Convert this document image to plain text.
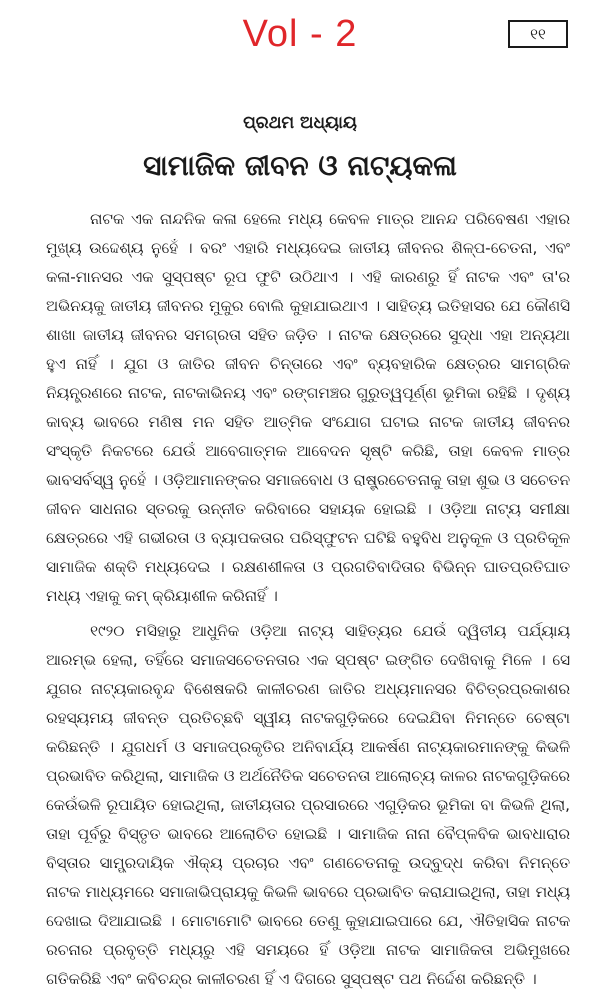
Vol - 2	୧୧
ପ୍ରଥମ ଅଧ୍ୟାୟ
ସାମାଜିକ ଜୀବନ ଓ ନାଟ୍ୟକଳା

ନାଟକ ଏକ ନାନ୍ଦନିକ କଳା ହେଲେ ମଧ୍ୟ କେବଳ ମାତ୍ର ଆନନ୍ଦ ପରିବେଷଣ ଏହାର ମୁଖ୍ୟ ଉଦ୍ଦେଶ୍ୟ ନୁହେଁ । ବରଂ ଏହାରି ମଧ୍ୟଦେଇ ଜାତୀୟ ଜୀବନର ଶିଳ୍ପ-ଚେତନା, ଏବଂ କଳା-ମାନସର ଏକ ସୁସ୍ପଷ୍ଟ ରୂପ ଫୁଟି ଉଠିଥାଏ । ଏହି କାରଣରୁ ହିଁ ନାଟକ ଏବଂ ତା'ର ଅଭିନୟକୁ ଜାତୀୟ ଜୀବନର ମୁକୁର ବୋଲି କୁହାଯାଇଥାଏ । ସାହିତ୍ୟ ଇତିହାସର ଯେ କୌଣସି ଶାଖା ଜାତୀୟ ଜୀବନର ସମଗ୍ରତା ସହିତ ଜଡ଼ିତ । ନାଟକ କ୍ଷେତ୍ରରେ ସୁଦ୍ଧା ଏହା ଅନ୍ୟଥା ହୁଏ ନାହିଁ । ଯୁଗ ଓ ଜାତିର ଜୀବନ ଚିନ୍ତାରେ ଏବଂ ବ୍ୟବହାରିକ କ୍ଷେତ୍ରର ସାମଗ୍ରିକ ନିୟନ୍ତ୍ରଣରେ ନାଟକ, ନାଟକାଭିନୟ ଏବଂ ରଙ୍ଗମଞ୍ଚର ଗୁରୁତ୍ୱପୂର୍ଣ୍ଣ ଭୂମିକା ରହିଛି । ଦୃଶ୍ୟ କାବ୍ୟ ଭାବରେ ମଣିଷ ମନ ସହିତ ଆତ୍ମିକ ସଂଯୋଗ ଘଟାଇ ନାଟକ ଜାତୀୟ ଜୀବନର ସଂସ୍କୃତି ନିକଟରେ ଯେଉଁ ଆବେଗାତ୍ମକ ଆବେଦନ ସୃଷ୍ଟି କରିଛି, ତାହା କେବଳ ମାତ୍ର ଭାବସର୍ବସ୍ୱ ନୁହେଁ । ଓଡ଼ିଆମାନଙ୍କର ସମାଜବୋଧ ଓ ରାଷ୍ଟ୍ରଚେତନାକୁ ତାହା ଶୁଭ ଓ ସଚେତନ ଜୀବନ ସାଧନାର ସ୍ତରକୁ ଉନ୍ନୀତ କରିବାରେ ସହାୟକ ହୋଇଛି । ଓଡ଼ିଆ ନାଟ୍ୟ ସମୀକ୍ଷା କ୍ଷେତ୍ରରେ ଏହି ଗଭୀରତା ଓ ବ୍ୟାପକତାର ପରିସ୍ଫୁଟନ ଘଟିଛି ବହୁବିଧ ଅନୁକୂଳ ଓ ପ୍ରତିକୂଳ ସାମାଜିକ ଶକ୍ତି ମଧ୍ୟଦେଇ । ରକ୍ଷଣଶୀଳତା ଓ ପ୍ରଗତିବାଦିତାର ବିଭିନ୍ନ ଘାତପ୍ରତିଘାତ ମଧ୍ୟ ଏହାକୁ କମ୍ କ୍ରିୟାଶୀଳ କରିନାହିଁ ।

୧୯୨୦ ମସିହାରୁ ଆଧୁନିକ ଓଡ଼ିଆ ନାଟ୍ୟ ସାହିତ୍ୟର ଯେଉଁ ଦ୍ୱିତୀୟ ପର୍ଯ୍ୟାୟ ଆରମ୍ଭ ହେଲା, ତହିଁରେ ସମାଜସଚେତନତାର ଏକ ସ୍ପଷ୍ଟ ଇଙ୍ଗିତ ଦେଖିବାକୁ ମିଳେ । ସେ ଯୁଗର ନାଟ୍ୟକାରବୃନ୍ଦ ବିଶେଷକରି କାଳୀଚରଣ ଜାତିର ଅଧ୍ୟମାନସର ବିଚିତ୍ରପ୍ରକାଶର ରହସ୍ୟମୟ ଜୀବନ୍ତ ପ୍ରତିଚ୍ଛବି ସ୍ୱୀୟ ନାଟକଗୁଡ଼ିକରେ ଦେଇଯିବା ନିମନ୍ତେ ଚେଷ୍ଟା କରିଛନ୍ତି । ଯୁଗଧର୍ମ ଓ ସମାଜପ୍ରକୃତିର ଅନିବାର୍ଯ୍ୟ ଆକର୍ଷଣ ନାଟ୍ୟକାରମାନଙ୍କୁ କିଭଳି ପ୍ରଭାବିତ କରିଥିଲା, ସାମାଜିକ ଓ ଅର୍ଥନୈତିକ ସଚେତନତା ଆଲୋଚ୍ୟ କାଳର ନାଟକଗୁଡ଼ିକରେ କେଉଁଭଳି ରୂପାୟିତ ହୋଇଥିଲା, ଜାତୀୟତାର ପ୍ରସାରରେ ଏଗୁଡ଼ିକର ଭୂମିକା ବା କିଭଳି ଥିଲା, ତାହା ପୂର୍ବରୁ ବିସ୍ତୃତ ଭାବରେ ଆଲୋଚିତ ହୋଇଛି । ସାମାଜିକ ନାନା ବୈପ୍ଳବିକ ଭାବଧାରାର ବିସ୍ତାର ସାମ୍ପ୍ରଦାୟିକ ଐକ୍ୟ ପ୍ରଚାର ଏବଂ ଗଣଚେତନାକୁ ଉଦ୍‌ବୁଦ୍ଧ କରିବା ନିମନ୍ତେ ନାଟକ ମାଧ୍ୟମରେ ସମାଜାଭିପ୍ରାୟକୁ କିଭଳି ଭାବରେ ପ୍ରଭାବିତ କରାଯାଇଥିଲା, ତାହା ମଧ୍ୟ ଦେଖାଇ ଦିଆଯାଇଛି । ମୋଟାମୋଟି ଭାବରେ ତେଣୁ କୁହାଯାଇପାରେ ଯେ, ଐତିହାସିକ ନାଟକ ରଚନାର ପ୍ରବୃତ୍ତି ମଧ୍ୟରୁ ଏହି ସମୟରେ ହିଁ ଓଡ଼ିଆ ନାଟକ ସାମାଜିକତା ଅଭିମୁଖରେ ଗତିକରିଛି ଏବଂ କବିଚନ୍ଦ୍ର କାଳୀଚରଣ ହିଁ ଏ ଦିଗରେ ସୁସ୍ପଷ୍ଟ ପଥ ନିର୍ଦ୍ଦେଶ କରିଛନ୍ତି ।
